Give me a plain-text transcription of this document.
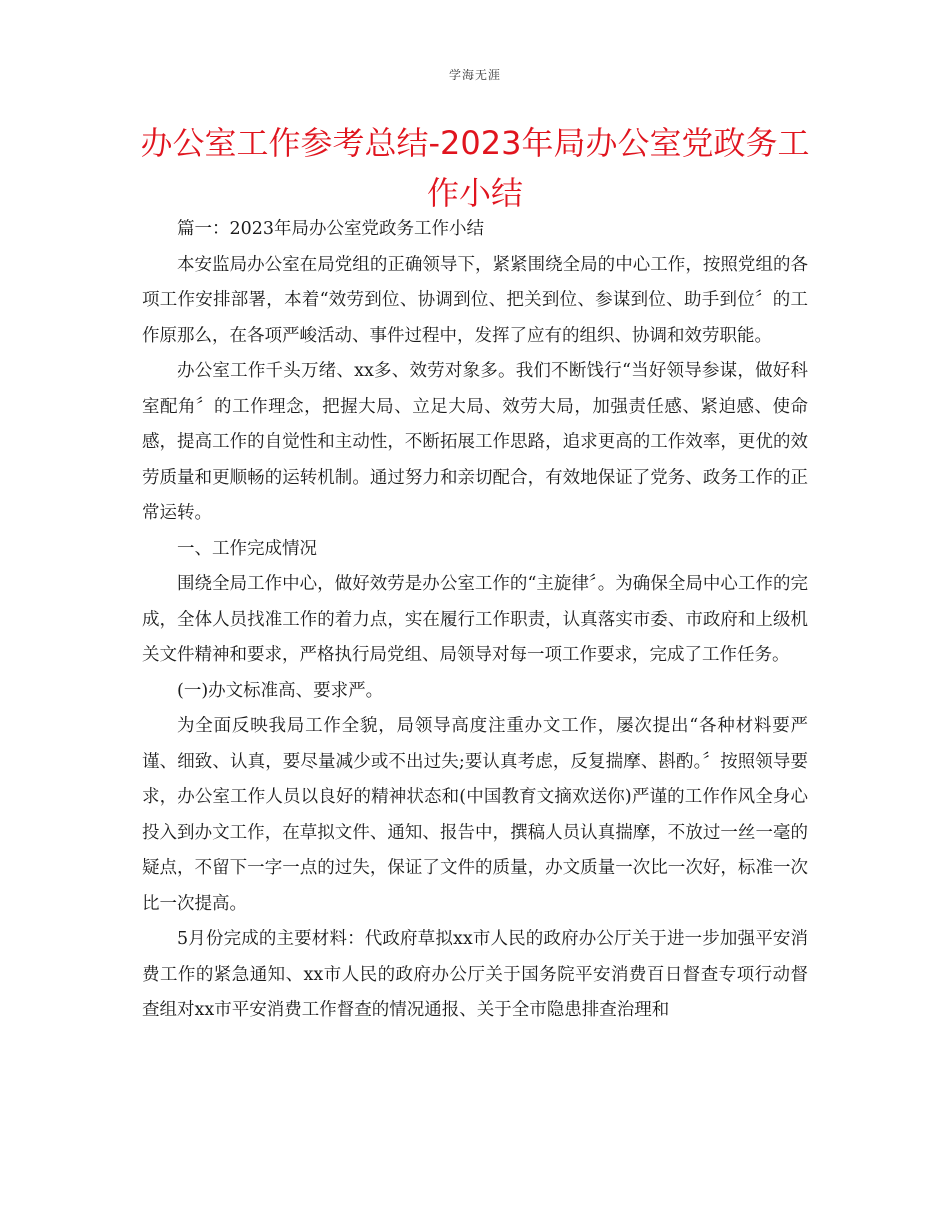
学海无涯
办公室工作参考总结-2023年局办公室党政务工作小结

篇一：2023年局办公室党政务工作小结

本安监局办公室在局党组的正确领导下，紧紧围绕全局的中心工作，按照党组的各项工作安排部署，本着“效劳到位、协调到位、把关到位、参谋到位、助手到位〞的工作原那么，在各项严峻活动、事件过程中，发挥了应有的组织、协调和效劳职能。

办公室工作千头万绪、xx多、效劳对象多。我们不断饯行“当好领导参谋，做好科室配角〞的工作理念，把握大局、立足大局、效劳大局，加强责任感、紧迫感、使命感，提高工作的自觉性和主动性，不断拓展工作思路，追求更高的工作效率，更优的效劳质量和更顺畅的运转机制。通过努力和亲切配合，有效地保证了党务、政务工作的正常运转。

一、工作完成情况

围绕全局工作中心，做好效劳是办公室工作的“主旋律〞。为确保全局中心工作的完成，全体人员找准工作的着力点，实在履行工作职责，认真落实市委、市政府和上级机关文件精神和要求，严格执行局党组、局领导对每一项工作要求，完成了工作任务。

(一)办文标准高、要求严。

为全面反映我局工作全貌，局领导高度注重办文工作，屡次提出“各种材料要严谨、细致、认真，要尽量减少或不出过失;要认真考虑，反复揣摩、斟酌。〞按照领导要求，办公室工作人员以良好的精神状态和(中国教育文摘欢送你)严谨的工作作风全身心投入到办文工作，在草拟文件、通知、报告中，撰稿人员认真揣摩，不放过一丝一毫的疑点，不留下一字一点的过失，保证了文件的质量，办文质量一次比一次好，标准一次比一次提高。

5月份完成的主要材料：代政府草拟xx市人民的政府办公厅关于进一步加强平安消费工作的紧急通知、xx市人民的政府办公厅关于国务院平安消费百日督查专项行动督查组对xx市平安消费工作督查的情况通报、关于全市隐患排查治理和
